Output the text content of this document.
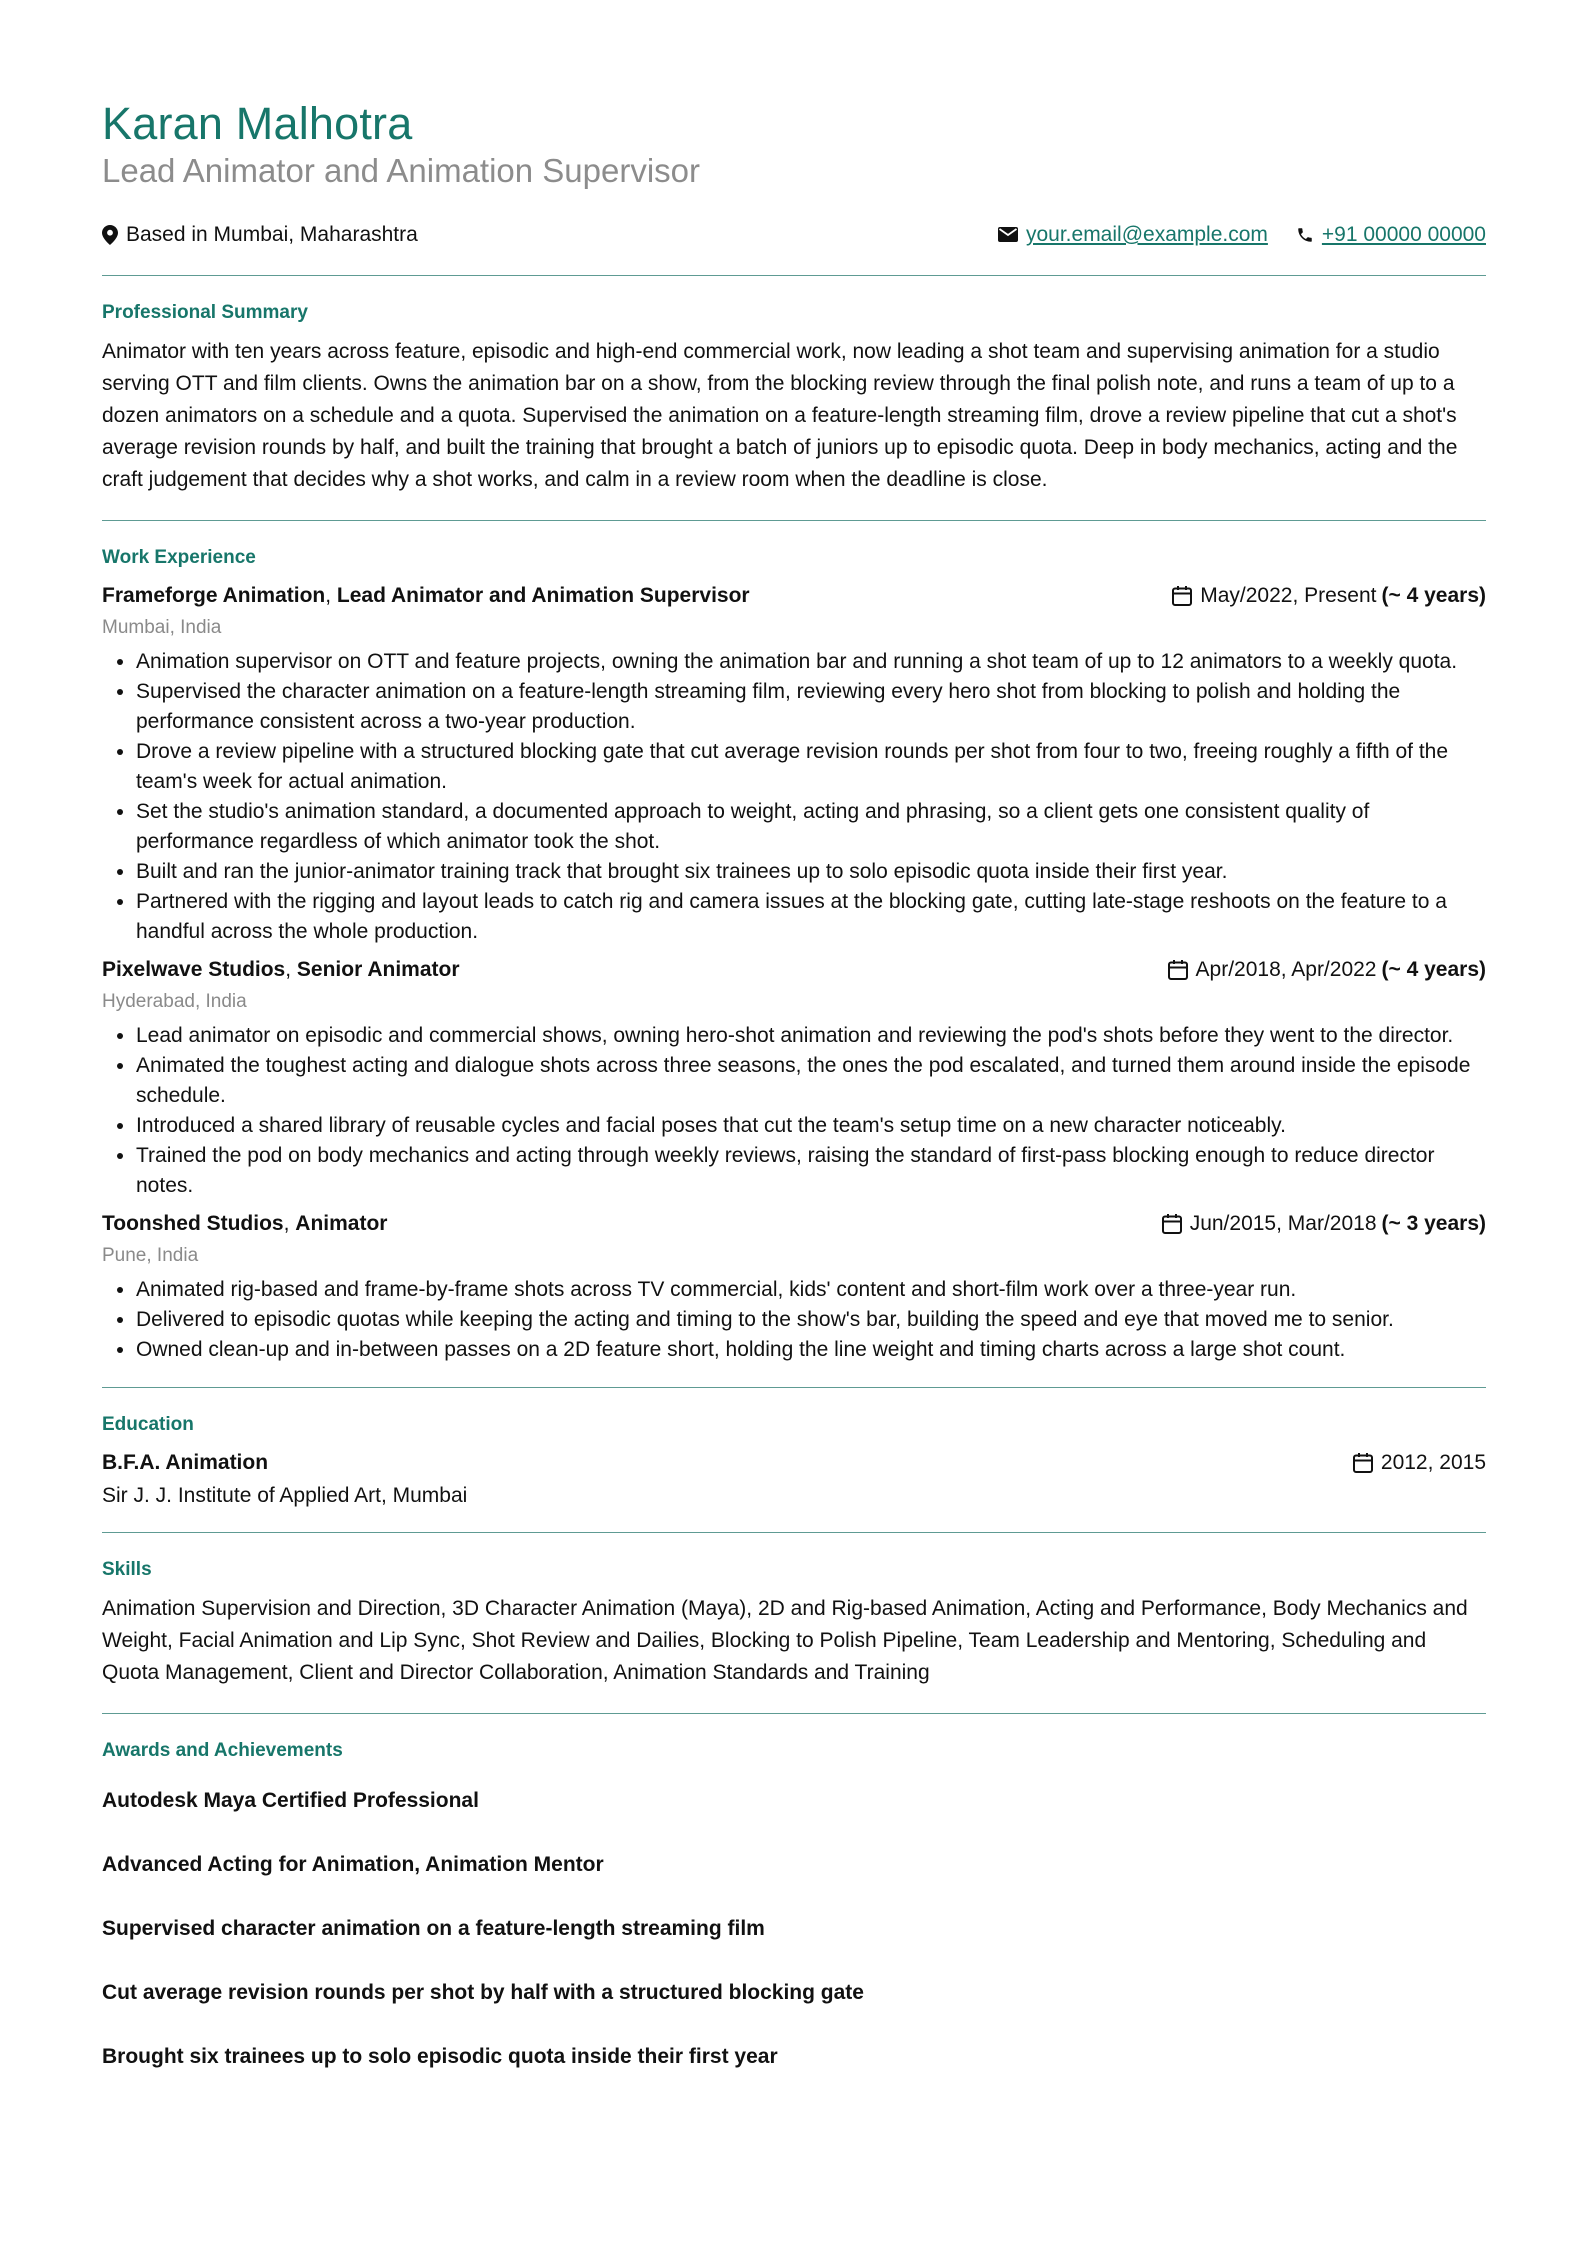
Karan Malhotra
Lead Animator and Animation Supervisor
Based in Mumbai, Maharashtra	your.email@example.com	+91 00000 00000
Professional Summary

Animator with ten years across feature, episodic and high-end commercial work, now leading a shot team and supervising animation for a studio serving OTT and film clients. Owns the animation bar on a show, from the blocking review through the final polish note, and runs a team of up to a dozen animators on a schedule and a quota. Supervised the animation on a feature-length streaming film, drove a review pipeline that cut a shot's average revision rounds by half, and built the training that brought a batch of juniors up to episodic quota. Deep in body mechanics, acting and the craft judgement that decides why a shot works, and calm in a review room when the deadline is close.

Work Experience
Frameforge Animation, Lead Animator and Animation Supervisor	May/2022, Present (~ 4 years)
Mumbai, India
• Animation supervisor on OTT and feature projects, owning the animation bar and running a shot team of up to 12 animators to a weekly quota.
• Supervised the character animation on a feature-length streaming film, reviewing every hero shot from blocking to polish and holding the performance consistent across a two-year production.
• Drove a review pipeline with a structured blocking gate that cut average revision rounds per shot from four to two, freeing roughly a fifth of the team's week for actual animation.
• Set the studio's animation standard, a documented approach to weight, acting and phrasing, so a client gets one consistent quality of performance regardless of which animator took the shot.
• Built and ran the junior-animator training track that brought six trainees up to solo episodic quota inside their first year.
• Partnered with the rigging and layout leads to catch rig and camera issues at the blocking gate, cutting late-stage reshoots on the feature to a handful across the whole production.
Pixelwave Studios, Senior Animator	Apr/2018, Apr/2022 (~ 4 years)
Hyderabad, India
• Lead animator on episodic and commercial shows, owning hero-shot animation and reviewing the pod's shots before they went to the director.
• Animated the toughest acting and dialogue shots across three seasons, the ones the pod escalated, and turned them around inside the episode schedule.
• Introduced a shared library of reusable cycles and facial poses that cut the team's setup time on a new character noticeably.
• Trained the pod on body mechanics and acting through weekly reviews, raising the standard of first-pass blocking enough to reduce director notes.
Toonshed Studios, Animator	Jun/2015, Mar/2018 (~ 3 years)
Pune, India
• Animated rig-based and frame-by-frame shots across TV commercial, kids' content and short-film work over a three-year run.
• Delivered to episodic quotas while keeping the acting and timing to the show's bar, building the speed and eye that moved me to senior.
• Owned clean-up and in-between passes on a 2D feature short, holding the line weight and timing charts across a large shot count.
Education
B.F.A. Animation	2012, 2015
Sir J. J. Institute of Applied Art, Mumbai
Skills

Animation Supervision and Direction, 3D Character Animation (Maya), 2D and Rig-based Animation, Acting and Performance, Body Mechanics and Weight, Facial Animation and Lip Sync, Shot Review and Dailies, Blocking to Polish Pipeline, Team Leadership and Mentoring, Scheduling and Quota Management, Client and Director Collaboration, Animation Standards and Training

Awards and Achievements
Autodesk Maya Certified Professional
Advanced Acting for Animation, Animation Mentor
Supervised character animation on a feature-length streaming film
Cut average revision rounds per shot by half with a structured blocking gate
Brought six trainees up to solo episodic quota inside their first year
